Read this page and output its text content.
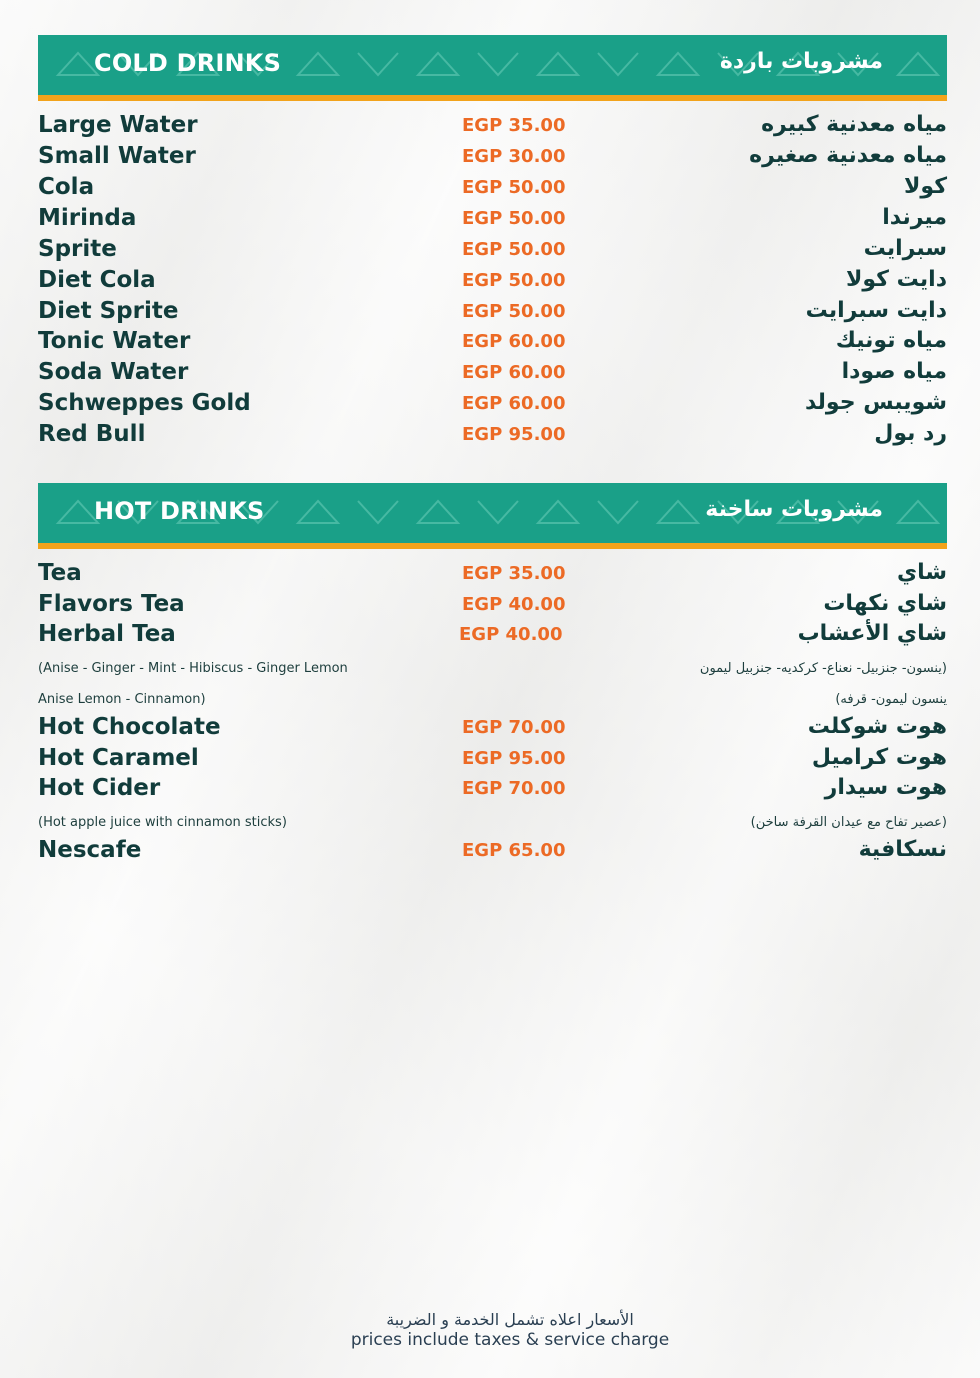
COLD DRINKS	مشروبات باردة
Large Water	EGP 35.00	مياه معدنية كبيره
Small Water	EGP 30.00	مياه معدنية صغيره
Cola	EGP 50.00	كولا
Mirinda	EGP 50.00	ميرندا
Sprite	EGP 50.00	سبرايت
Diet Cola	EGP 50.00	دايت كولا
Diet Sprite	EGP 50.00	دايت سبرايت
Tonic Water	EGP 60.00	مياه تونيك
Soda Water	EGP 60.00	مياه صودا
Schweppes Gold	EGP 60.00	شويبس جولد
Red Bull	EGP 95.00	رد بول
HOT DRINKS	مشروبات ساخنة
Tea	EGP 35.00	شاي
Flavors Tea	EGP 40.00	شاي نكهات
Herbal Tea	EGP 40.00	شاي الأعشاب
(Anise - Ginger - Mint - Hibiscus - Ginger Lemon	(ينسون- جنزبيل- نعناع- كركديه- جنزبيل ليمون
Anise Lemon - Cinnamon)	ينسون ليمون- قرفه)
Hot Chocolate	EGP 70.00	هوت شوكلت
Hot Caramel	EGP 95.00	هوت كراميل
Hot Cider	EGP 70.00	هوت سيدار
(Hot apple juice with cinnamon sticks)	(عصير تفاح مع عيدان القرفة ساخن)
Nescafe	EGP 65.00	نسكافية
الأسعار اعلاه تشمل الخدمة و الضريبة
prices include taxes & service charge
